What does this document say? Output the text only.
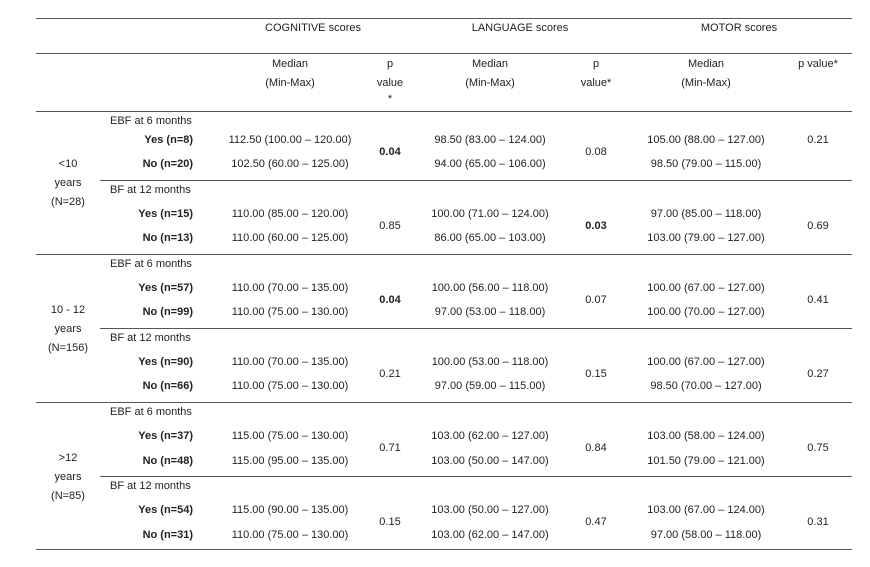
COGNITIVE scores	LANGUAGE scores	MOTOR scores
Median
(Min-Max)
Median
(Min-Max)
Median
(Min-Max)
p
value
*
p
value*
p value*
<10
years
(N=28)
EBF at 6 months
Yes (n=8)
No (n=20)
112.50 (100.00 – 120.00)
102.50 (60.00 – 125.00)
0.04
98.50 (83.00 – 124.00)
94.00 (65.00 – 106.00)
0.08
105.00 (88.00 – 127.00)
98.50 (79.00 – 115.00)
0.21
BF at 12 months
Yes (n=15)
No (n=13)
110.00 (85.00 – 120.00)
110.00 (60.00 – 125.00)
0.85
100.00 (71.00 – 124.00)
86.00 (65.00 – 103.00)
0.03
97.00 (85.00 – 118.00)
103.00 (79.00 – 127.00)
0.69
10 - 12
years
(N=156)
EBF at 6 months
Yes (n=57)
No (n=99)
110.00 (70.00 – 135.00)
110.00 (75.00 – 130.00)
0.04
100.00 (56.00 – 118.00)
97.00 (53.00 – 118.00)
0.07
100.00 (67.00 – 127.00)
100.00 (70.00 – 127.00)
0.41
BF at 12 months
Yes (n=90)
No (n=66)
110.00 (70.00 – 135.00)
110.00 (75.00 – 130.00)
0.21
100.00 (53.00 – 118.00)
97.00 (59.00 – 115.00)
0.15
100.00 (67.00 – 127.00)
98.50 (70.00 – 127.00)
0.27
>12
years
(N=85)
EBF at 6 months
Yes (n=37)
No (n=48)
115.00 (75.00 – 130.00)
115.00 (95.00 – 135.00)
0.71
103.00 (62.00 – 127.00)
103.00 (50.00 – 147.00)
0.84
103.00 (58.00 – 124.00)
101.50 (79.00 – 121.00)
0.75
BF at 12 months
Yes (n=54)
No (n=31)
115.00 (90.00 – 135.00)
110.00 (75.00 – 130.00)
0.15
103.00 (50.00 – 127.00)
103.00 (62.00 – 147.00)
0.47
103.00 (67.00 – 124.00)
97.00 (58.00 – 118.00)
0.31
